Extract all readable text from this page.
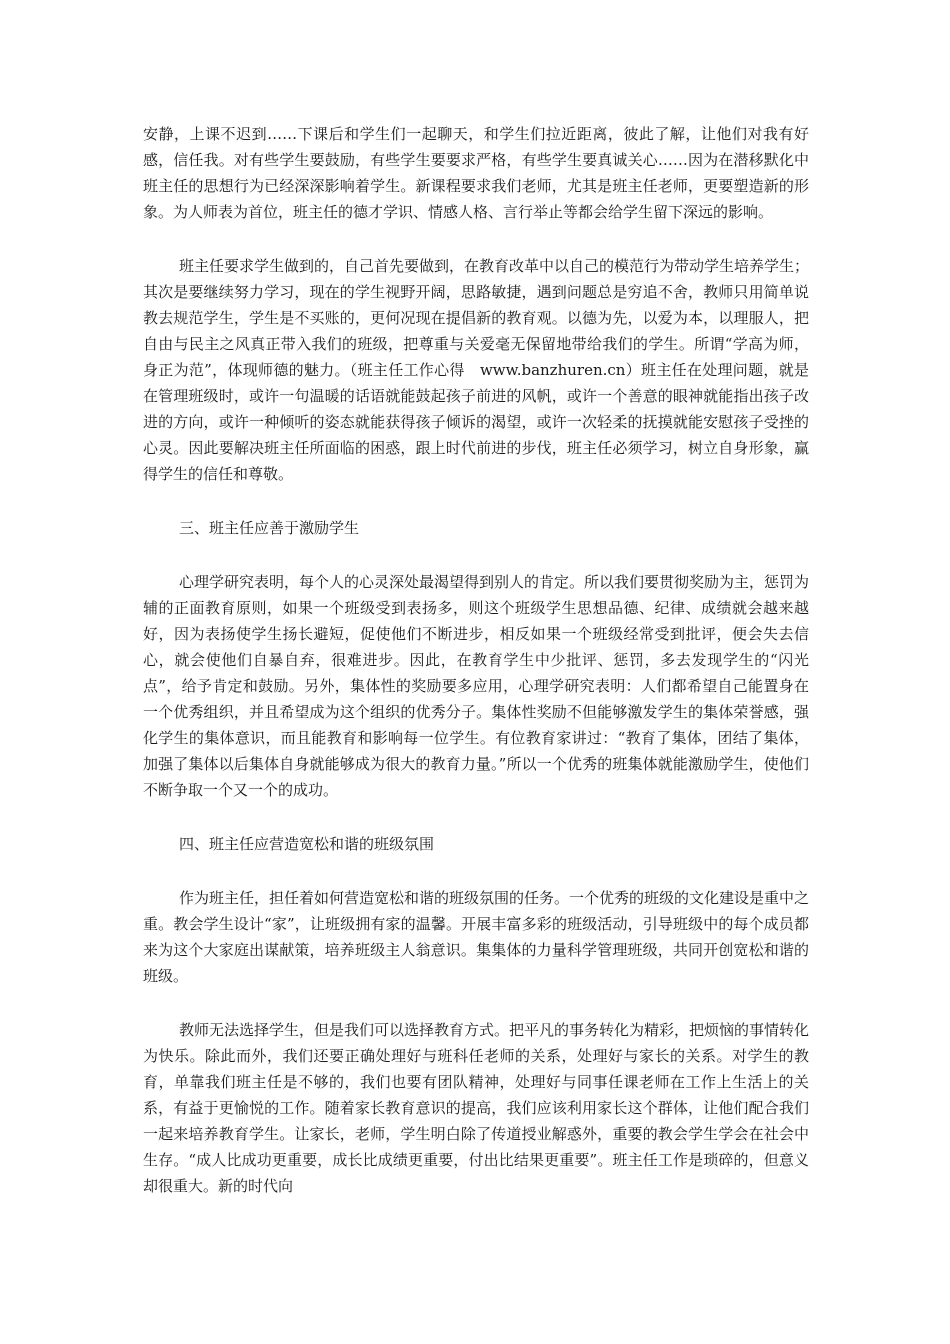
安静，上课不迟到……下课后和学生们一起聊天，和学生们拉近距离，彼此了解，让他们对我有好感，信任我。对有些学生要鼓励，有些学生要要求严格，有些学生要真诚关心……因为在潜移默化中班主任的思想行为已经深深影响着学生。新课程要求我们老师，尤其是班主任老师，更要塑造新的形象。为人师表为首位，班主任的德才学识、情感人格、言行举止等都会给学生留下深远的影响。

班主任要求学生做到的，自己首先要做到，在教育改革中以自己的模范行为带动学生培养学生；其次是要继续努力学习，现在的学生视野开阔，思路敏捷，遇到问题总是穷追不舍，教师只用简单说教去规范学生，学生是不买账的，更何况现在提倡新的教育观。以德为先，以爱为本，以理服人，把自由与民主之风真正带入我们的班级，把尊重与关爱毫无保留地带给我们的学生。所谓“学高为师，身正为范”，体现师德的魅力。（班主任工作心得　www.banzhuren.cn）班主任在处理问题，就是在管理班级时，或许一句温暖的话语就能鼓起孩子前进的风帆，或许一个善意的眼神就能指出孩子改进的方向，或许一种倾听的姿态就能获得孩子倾诉的渴望，或许一次轻柔的抚摸就能安慰孩子受挫的心灵。因此要解决班主任所面临的困惑，跟上时代前进的步伐，班主任必须学习，树立自身形象，赢得学生的信任和尊敬。

三、班主任应善于激励学生

心理学研究表明，每个人的心灵深处最渴望得到别人的肯定。所以我们要贯彻奖励为主，惩罚为辅的正面教育原则，如果一个班级受到表扬多，则这个班级学生思想品德、纪律、成绩就会越来越好，因为表扬使学生扬长避短，促使他们不断进步，相反如果一个班级经常受到批评，便会失去信心，就会使他们自暴自弃，很难进步。因此，在教育学生中少批评、惩罚，多去发现学生的“闪光点”，给予肯定和鼓励。另外，集体性的奖励要多应用，心理学研究表明：人们都希望自己能置身在一个优秀组织，并且希望成为这个组织的优秀分子。集体性奖励不但能够激发学生的集体荣誉感，强化学生的集体意识，而且能教育和影响每一位学生。有位教育家讲过：“教育了集体，团结了集体，加强了集体以后集体自身就能够成为很大的教育力量。”所以一个优秀的班集体就能激励学生，使他们不断争取一个又一个的成功。

四、班主任应营造宽松和谐的班级氛围

作为班主任，担任着如何营造宽松和谐的班级氛围的任务。一个优秀的班级的文化建设是重中之重。教会学生设计“家”，让班级拥有家的温馨。开展丰富多彩的班级活动，引导班级中的每个成员都来为这个大家庭出谋献策，培养班级主人翁意识。集集体的力量科学管理班级，共同开创宽松和谐的班级。

教师无法选择学生，但是我们可以选择教育方式。把平凡的事务转化为精彩，把烦恼的事情转化为快乐。除此而外，我们还要正确处理好与班科任老师的关系，处理好与家长的关系。对学生的教育，单靠我们班主任是不够的，我们也要有团队精神，处理好与同事任课老师在工作上生活上的关系，有益于更愉悦的工作。随着家长教育意识的提高，我们应该利用家长这个群体，让他们配合我们一起来培养教育学生。让家长，老师，学生明白除了传道授业解惑外，重要的教会学生学会在社会中生存。“成人比成功更重要，成长比成绩更重要，付出比结果更重要”。班主任工作是琐碎的，但意义却很重大。新的时代向
